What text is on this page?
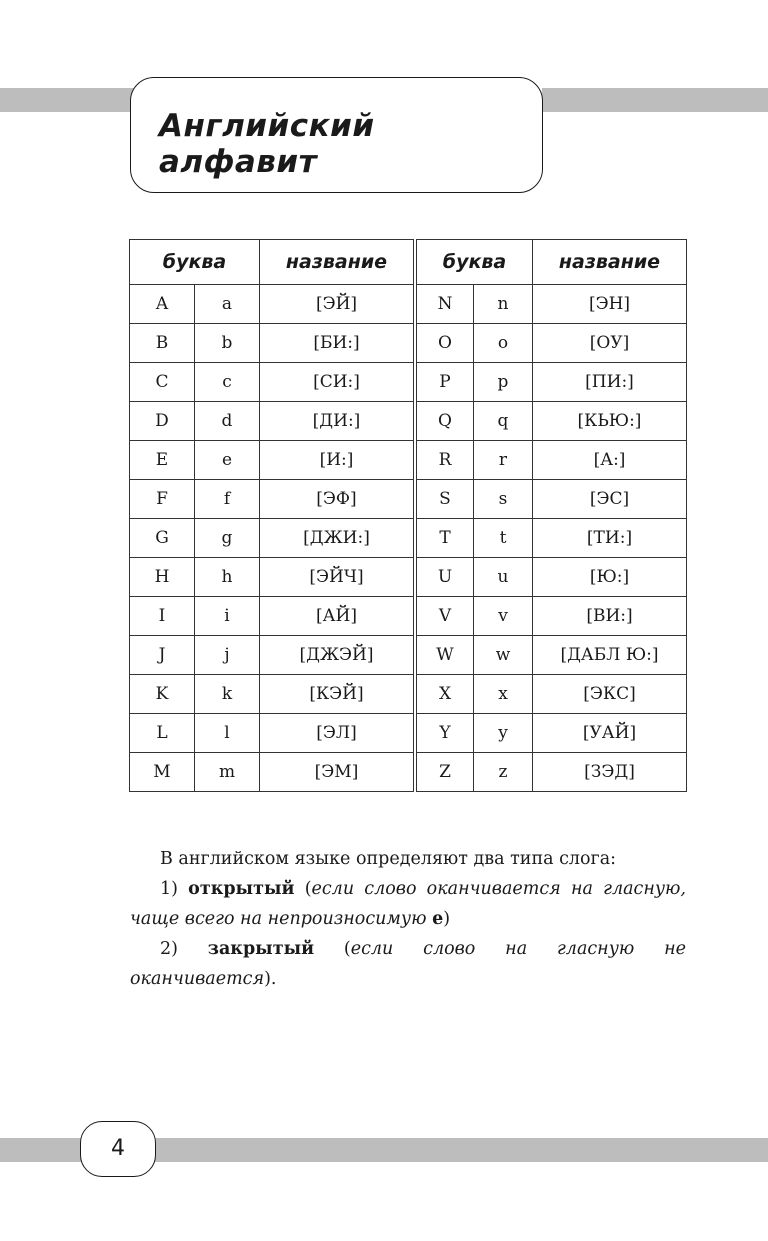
Английский алфавит
буква		название	буква		название
A	a	[ЭЙ]	N	n	[ЭН]
B	b	[БИ:]	O	o	[ОУ]
C	c	[СИ:]	P	p	[ПИ:]
D	d	[ДИ:]	Q	q	[КЬЮ:]
E	e	[И:]	R	r	[А:]
F	f	[ЭФ]	S	s	[ЭС]
G	g	[ДЖИ:]	T	t	[ТИ:]
H	h	[ЭЙЧ]	U	u	[Ю:]
I	i	[АЙ]	V	v	[ВИ:]
J	j	[ДЖЭЙ]	W	w	[ДАБЛ Ю:]
K	k	[КЭЙ]	X	x	[ЭКС]
L	l	[ЭЛ]	Y	y	[УАЙ]
M	m	[ЭМ]	Z	z	[ЗЭД]

В английском языке определяют два типа слога:

1) открытый (если слово оканчивается на гласную, чаще всего на непроизносимую e)

2) закрытый (если слово на гласную не оканчивается).

4
